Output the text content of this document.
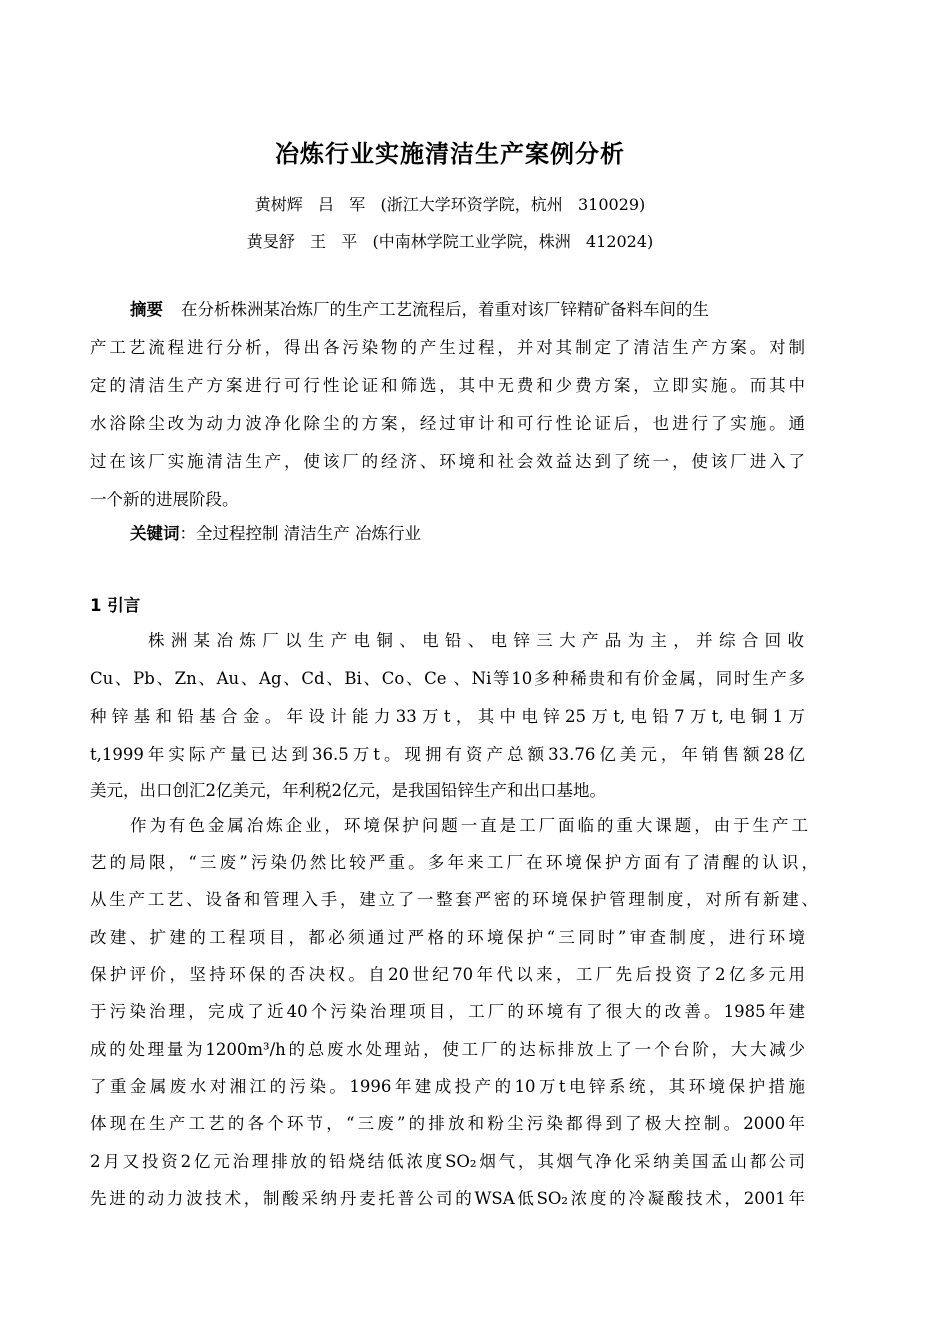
冶炼行业实施清洁生产案例分析
黄树辉   吕   军   (浙江大学环资学院，杭州   310029)
黄旻舒   王   平   (中南林学院工业学院，株洲   412024)
摘要 在分析株洲某冶炼厂的生产工艺流程后，着重对该厂锌精矿备料车间的生
产工艺流程进行分析，得出各污染物的产生过程，并对其制定了清洁生产方案。对制
定的清洁生产方案进行可行性论证和筛选，其中无费和少费方案，立即实施。而其中
水浴除尘改为动力波净化除尘的方案，经过审计和可行性论证后，也进行了实施。通
过在该厂实施清洁生产，使该厂的经济、环境和社会效益达到了统一，使该厂进入了
一个新的进展阶段。
关键词：全过程控制 清洁生产 冶炼行业
1 引言
株洲某冶炼厂以生产电铜、电铅、电锌三大产品为主，并综合回收
Cu、Pb、Zn、Au、Ag、Cd、Bi、Co、Ce 、Ni等10多种稀贵和有价金属，同时生产多
种锌基和铅基合金。年设计能力33万t，其中电锌25万t,电铅7万t,电铜1万
t,1999年实际产量已达到36.5万t。现拥有资产总额33.76亿美元，年销售额28亿
美元，出口创汇2亿美元，年利税2亿元，是我国铅锌生产和出口基地。
作为有色金属冶炼企业，环境保护问题一直是工厂面临的重大课题，由于生产工
艺的局限，“三废”污染仍然比较严重。多年来工厂在环境保护方面有了清醒的认识，
从生产工艺、设备和管理入手，建立了一整套严密的环境保护管理制度，对所有新建、
改建、扩建的工程项目，都必须通过严格的环境保护“三同时”审查制度，进行环境
保护评价，坚持环保的否决权。自20世纪70年代以来，工厂先后投资了2亿多元用
于污染治理，完成了近40个污染治理项目，工厂的环境有了很大的改善。1985年建
成的处理量为1200m³/h的总废水处理站，使工厂的达标排放上了一个台阶，大大减少
了重金属废水对湘江的污染。1996年建成投产的10万t电锌系统，其环境保护措施
体现在生产工艺的各个环节，“三废”的排放和粉尘污染都得到了极大控制。2000年
2月又投资2亿元治理排放的铅烧结低浓度SO₂烟气，其烟气净化采纳美国孟山都公司
先进的动力波技术，制酸采纳丹麦托普公司的WSA低SO₂浓度的冷凝酸技术，2001年
